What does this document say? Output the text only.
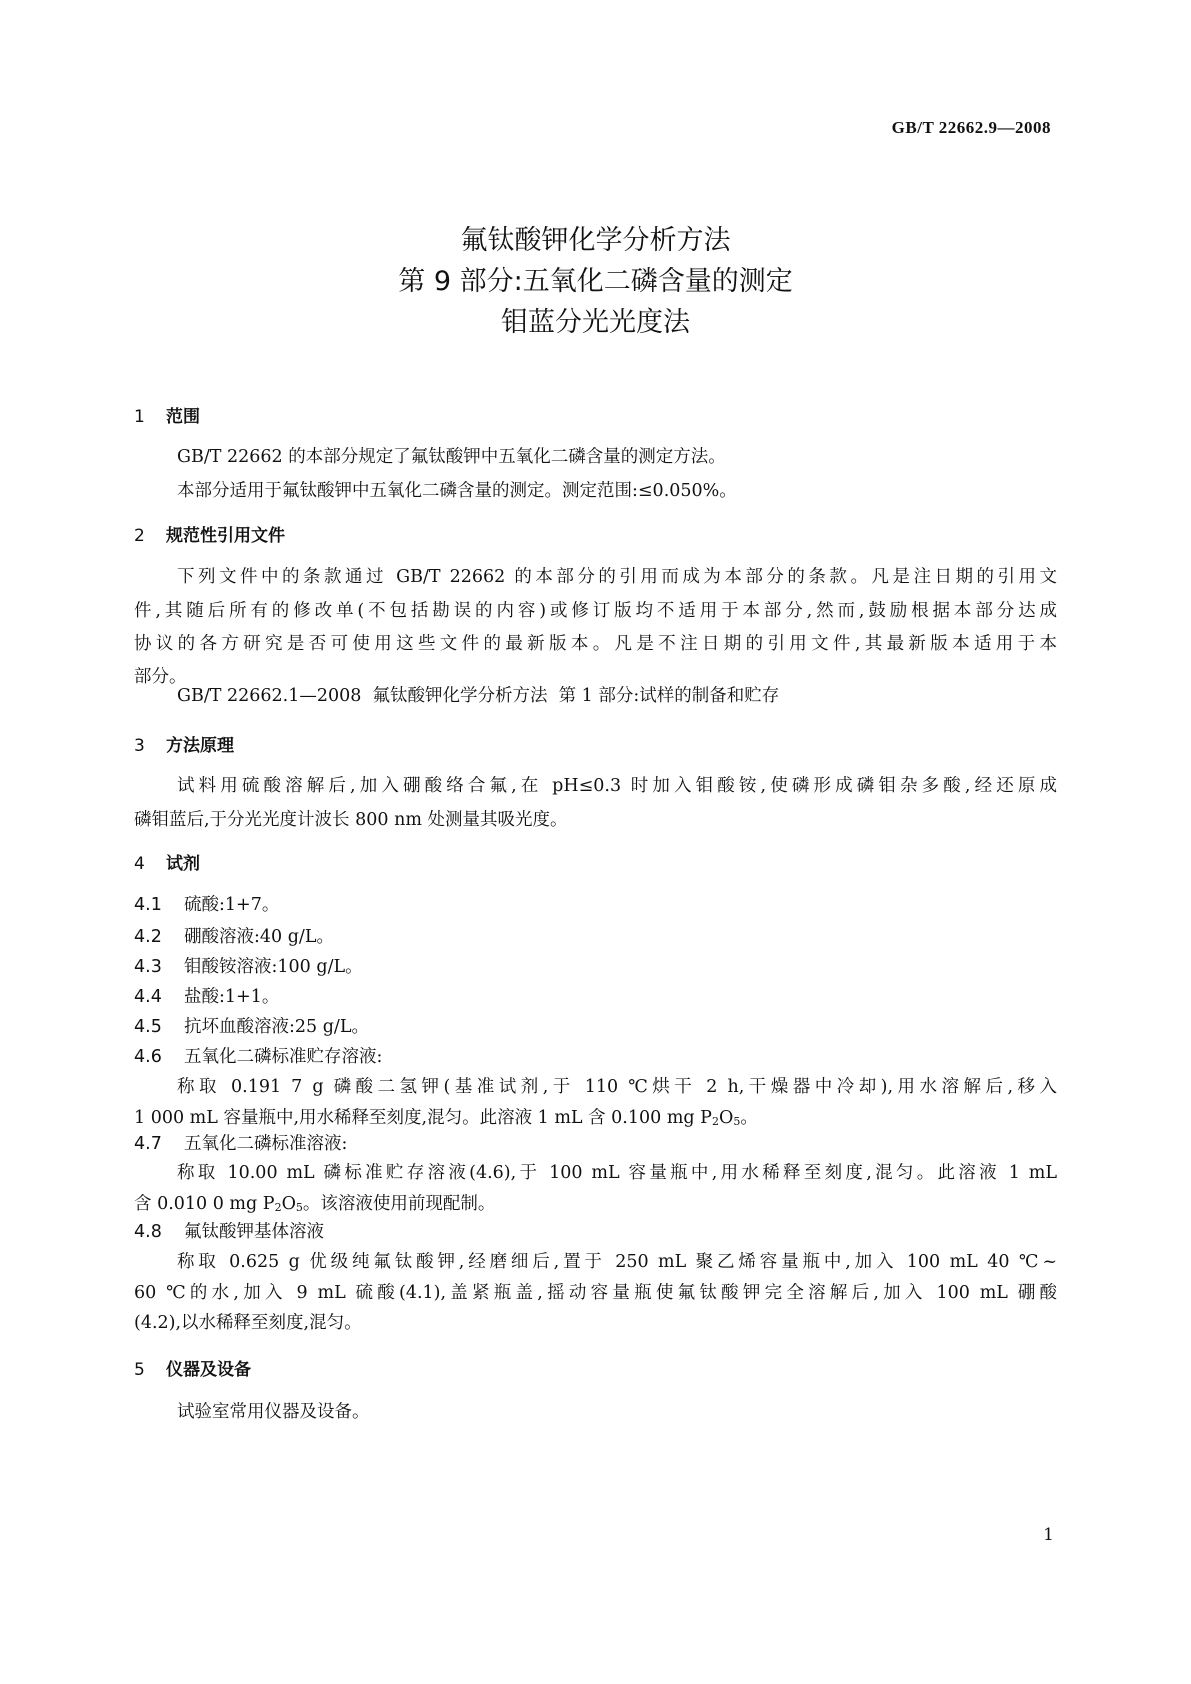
GB/T 22662.9—2008
氟钛酸钾化学分析方法
第 9 部分:五氧化二磷含量的测定
钼蓝分光光度法
1 范围
GB/T 22662 的本部分规定了氟钛酸钾中五氧化二磷含量的测定方法。
本部分适用于氟钛酸钾中五氧化二磷含量的测定。测定范围:≤0.050%。
2 规范性引用文件
下列文件中的条款通过 GB/T 22662 的本部分的引用而成为本部分的条款。凡是注日期的引用文
件,其随后所有的修改单(不包括勘误的内容)或修订版均不适用于本部分,然而,鼓励根据本部分达成
协议的各方研究是否可使用这些文件的最新版本。凡是不注日期的引用文件,其最新版本适用于本
部分。
GB/T 22662.1—2008  氟钛酸钾化学分析方法  第 1 部分:试样的制备和贮存
3 方法原理
试料用硫酸溶解后,加入硼酸络合氟,在 pH≤0.3 时加入钼酸铵,使磷形成磷钼杂多酸,经还原成
磷钼蓝后,于分光光度计波长 800 nm 处测量其吸光度。
4 试剂
4.1 硫酸:1+7。
4.2 硼酸溶液:40 g/L。
4.3 钼酸铵溶液:100 g/L。
4.4 盐酸:1+1。
4.5 抗坏血酸溶液:25 g/L。
4.6 五氧化二磷标准贮存溶液:
称取 0.191 7 g 磷酸二氢钾(基准试剂,于 110 ℃烘干 2 h,干燥器中冷却),用水溶解后,移入
1 000 mL 容量瓶中,用水稀释至刻度,混匀。此溶液 1 mL 含 0.100 mg $P_2O_5$。
4.7 五氧化二磷标准溶液:
称取 10.00 mL 磷标准贮存溶液(4.6),于 100 mL 容量瓶中,用水稀释至刻度,混匀。此溶液 1 mL
含 0.010 0 mg $P_2O_5$。该溶液使用前现配制。
4.8 氟钛酸钾基体溶液
称取 0.625 g 优级纯氟钛酸钾,经磨细后,置于 250 mL 聚乙烯容量瓶中,加入 100 mL 40 ℃~
60 ℃的水,加入 9 mL 硫酸(4.1),盖紧瓶盖,摇动容量瓶使氟钛酸钾完全溶解后,加入 100 mL 硼酸
(4.2),以水稀释至刻度,混匀。
5 仪器及设备
试验室常用仪器及设备。
1
